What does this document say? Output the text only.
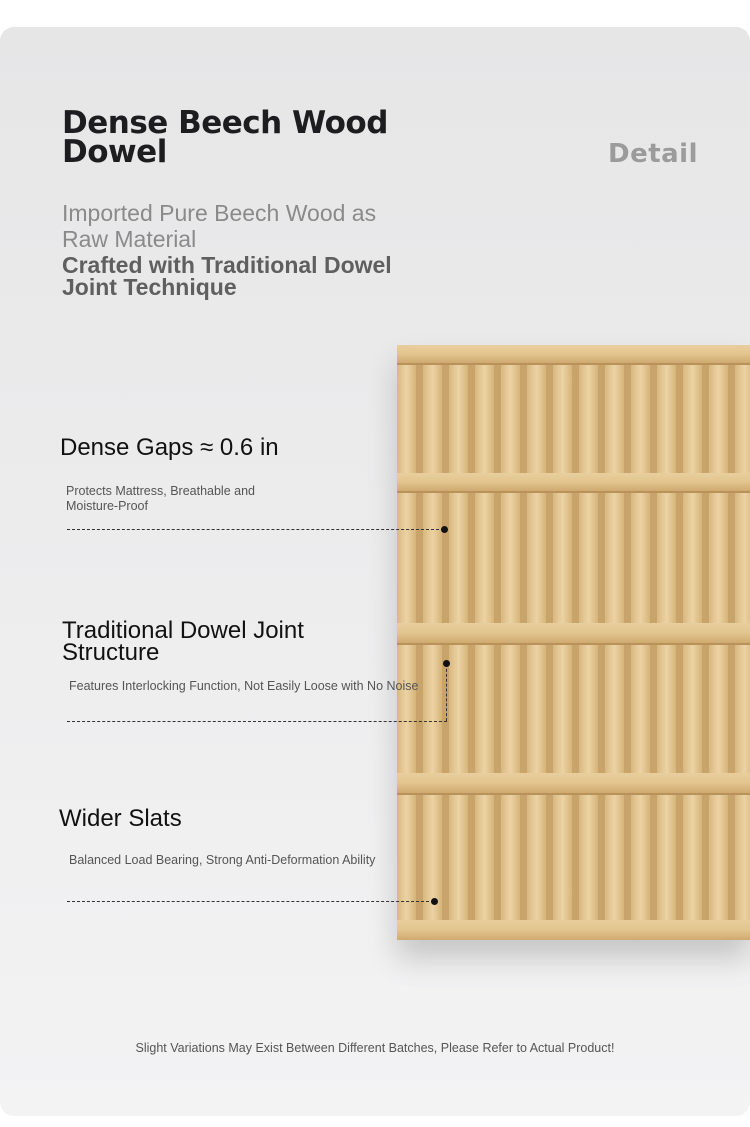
Dense Beech Wood Dowel	Detail
Imported Pure Beech Wood as Raw Material
Crafted with Traditional Dowel Joint Technique
Dense Gaps ≈ 0.6 in
Protects Mattress, Breathable and Moisture-Proof
Traditional Dowel Joint Structure
Features Interlocking Function, Not Easily Loose with No Noise
Wider Slats
Balanced Load Bearing, Strong Anti-Deformation Ability
Slight Variations May Exist Between Different Batches, Please Refer to Actual Product!
